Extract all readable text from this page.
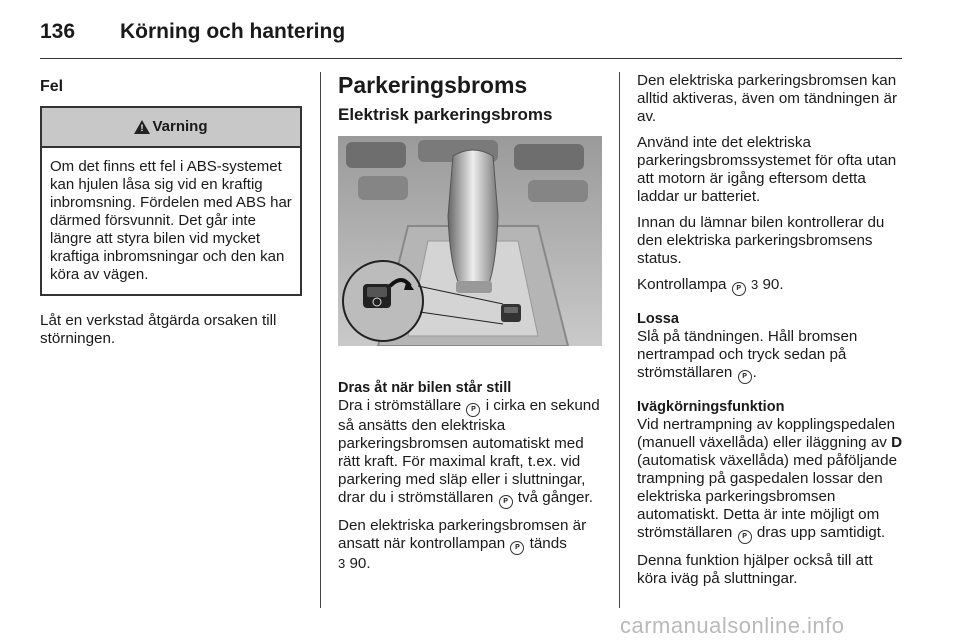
136 Körning och hantering
Fel
! Varning
Om det finns ett fel i ABS-systemet kan hjulen låsa sig vid en kraftig inbromsning. Fördelen med ABS har därmed försvunnit. Det går inte längre att styra bilen vid mycket kraftiga inbromsningar och den kan köra av vägen.

Låt en verkstad åtgärda orsaken till störningen.

Parkeringsbroms
Elektrisk parkeringsbroms
Dras åt när bilen står still

Dra i strömställare P i cirka en sekund så ansätts den elektriska parkeringsbromsen automatiskt med rätt kraft. För maximal kraft, t.ex. vid parkering med släp eller i sluttningar, drar du i strömställaren P två gånger.

Den elektriska parkeringsbromsen är ansatt när kontrollampan P tänds
3 90.

Den elektriska parkeringsbromsen kan alltid aktiveras, även om tändningen är av.

Använd inte det elektriska parkeringsbromssystemet för ofta utan att motorn är igång eftersom detta laddar ur batteriet.

Innan du lämnar bilen kontrollerar du den elektriska parkeringsbromsens status.

Kontrollampa P 3 90.

Lossa

Slå på tändningen. Håll bromsen nertrampad och tryck sedan på strömställaren P .

Ivägkörningsfunktion

Vid nertrampning av kopplingspedalen (manuell växellåda) eller iläggning av D (automatisk växellåda) med påföljande trampning på gaspedalen lossar den elektriska parkeringsbromsen automatiskt. Detta är inte möjligt om strömställaren P dras upp samtidigt.

Denna funktion hjälper också till att köra iväg på sluttningar.

carmanualsonline.info
